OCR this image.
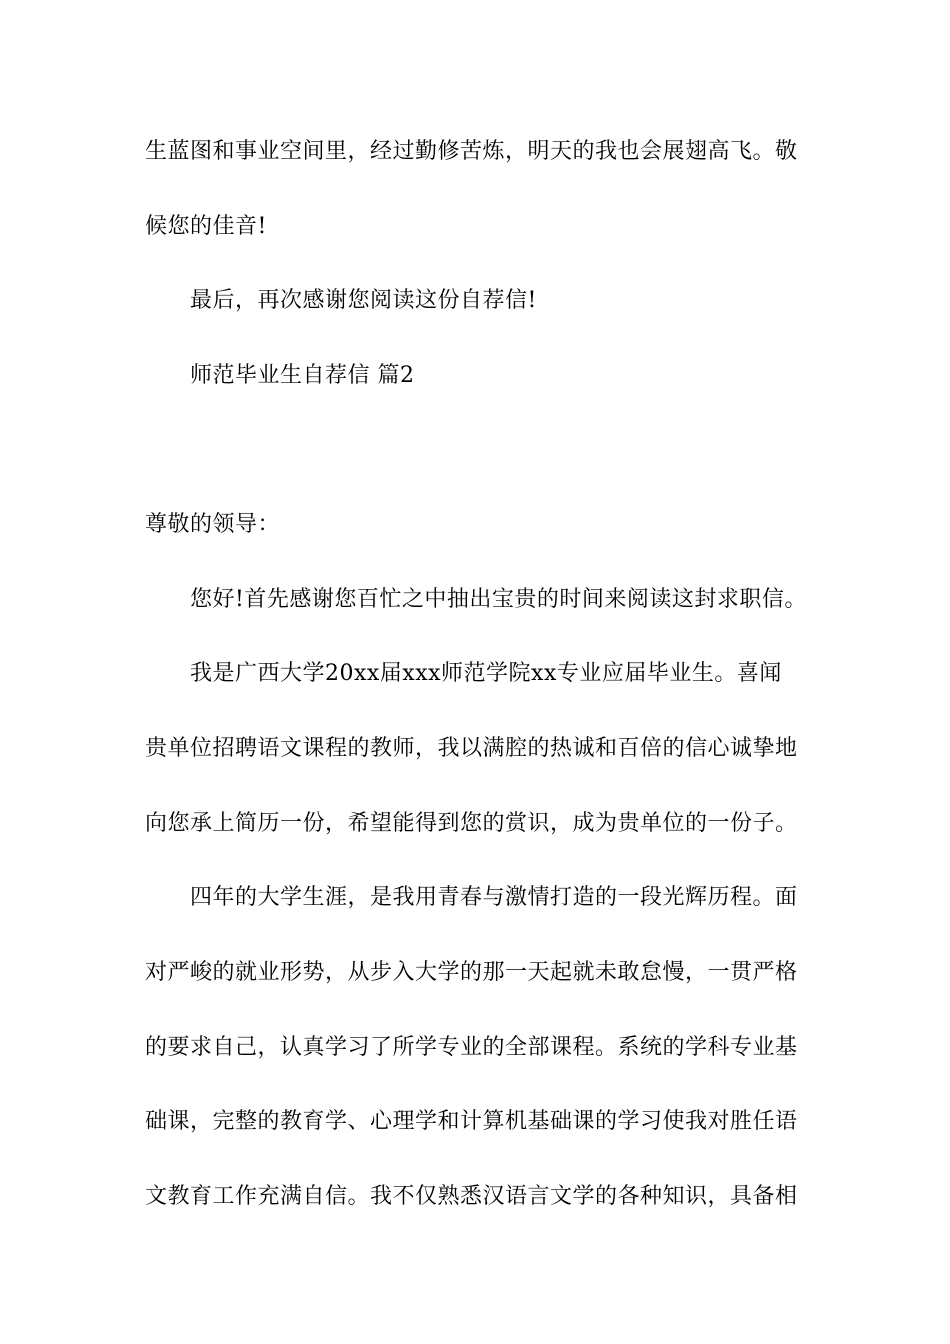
生蓝图和事业空间里，经过勤修苦炼，明天的我也会展翅高飞。敬
候您的佳音!
最后，再次感谢您阅读这份自荐信!
师范毕业生自荐信 篇2
尊敬的领导：
您好!首先感谢您百忙之中抽出宝贵的时间来阅读这封求职信。
我是广西大学20xx届xxx师范学院xx专业应届毕业生。喜闻
贵单位招聘语文课程的教师，我以满腔的热诚和百倍的信心诚挚地
向您承上简历一份，希望能得到您的赏识，成为贵单位的一份子。
四年的大学生涯，是我用青春与激情打造的一段光辉历程。面
对严峻的就业形势，从步入大学的那一天起就未敢怠慢，一贯严格
的要求自己，认真学习了所学专业的全部课程。系统的学科专业基
础课，完整的教育学、心理学和计算机基础课的学习使我对胜任语
文教育工作充满自信。我不仅熟悉汉语言文学的各种知识，具备相
